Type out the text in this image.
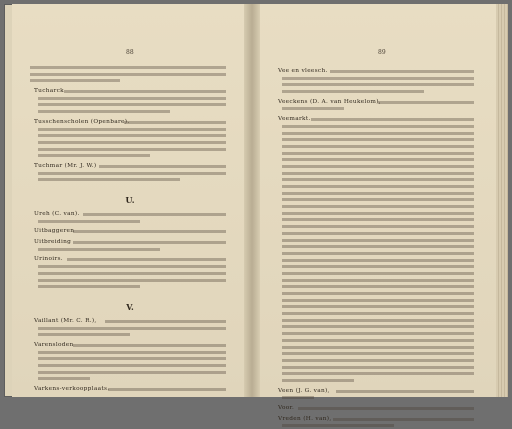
88
Tucharck
Tusschenscholen (Openbare).
Tuchmar (Mr. J. W.)
U.
Ureh (C. van).
Uitbaggeren
Uitbreiding
Urinoirs.
V.
Vaillant (Mr. C. R.),
Varensloden
Varkens-verkoopplaats.
89
Vee en vleesch.
Veeckens (D. A. van Heukelom),
Veemarkt.
Veen (J. G. van),
Voor.
Vreden (H. van),
